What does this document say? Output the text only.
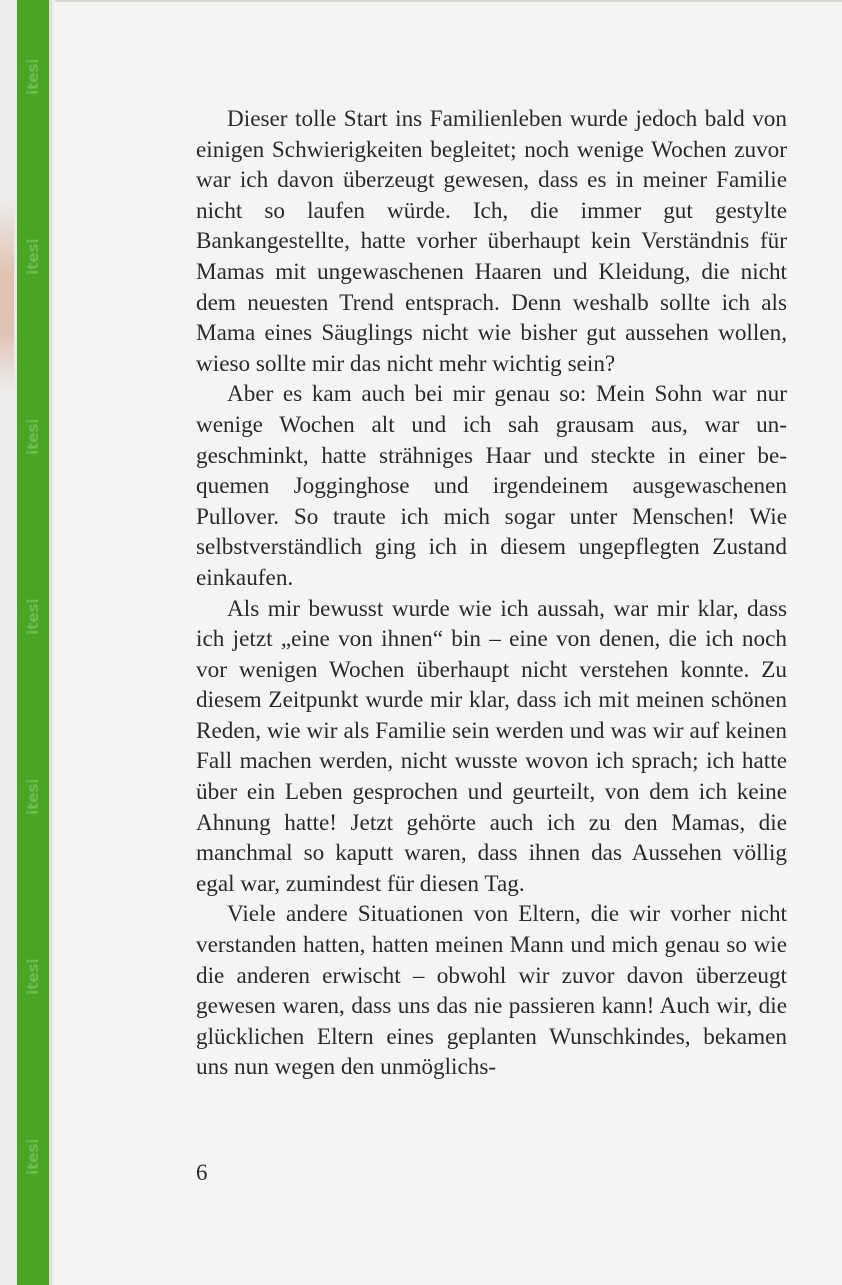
itesi
itesi
itesi
itesi
itesi
itesi
itesi

Dieser tolle Start ins Familienleben wurde jedoch bald von einigen Schwierigkeiten begleitet; noch wenige Wochen zuvor war ich davon überzeugt gewesen, dass es in meiner Familie nicht so laufen würde. Ich, die immer gut gestylte Bankangestellte, hatte vorher überhaupt kein Verständnis für Mamas mit ungewaschenen Haaren und Kleidung, die nicht dem neuesten Trend entsprach. Denn weshalb sollte ich als Mama eines Säuglings nicht wie bisher gut aussehen wollen, wieso sollte mir das nicht mehr wichtig sein?

Aber es kam auch bei mir genau so: Mein Sohn war nur wenige Wochen alt und ich sah grausam aus, war ungeschminkt, hatte strähniges Haar und steckte in einer bequemen Jogginghose und irgendeinem ausgewaschenen Pullover. So traute ich mich sogar unter Menschen! Wie selbstverständlich ging ich in diesem ungepflegten Zustand einkaufen.

Als mir bewusst wurde wie ich aussah, war mir klar, dass ich jetzt „eine von ihnen“ bin – eine von denen, die ich noch vor wenigen Wochen überhaupt nicht verstehen konnte. Zu diesem Zeitpunkt wurde mir klar, dass ich mit meinen schönen Reden, wie wir als Familie sein werden und was wir auf keinen Fall machen werden, nicht wusste wovon ich sprach; ich hatte über ein Leben gesprochen und geurteilt, von dem ich keine Ahnung hatte! Jetzt gehörte auch ich zu den Mamas, die manchmal so kaputt waren, dass ihnen das Aussehen völlig egal war, zumindest für diesen Tag.

Viele andere Situationen von Eltern, die wir vorher nicht verstanden hatten, hatten meinen Mann und mich genau so wie die anderen erwischt – obwohl wir zuvor davon überzeugt gewesen waren, dass uns das nie passieren kann! Auch wir, die glücklichen Eltern eines geplanten Wunschkindes, bekamen uns nun wegen den unmöglichs-

6
